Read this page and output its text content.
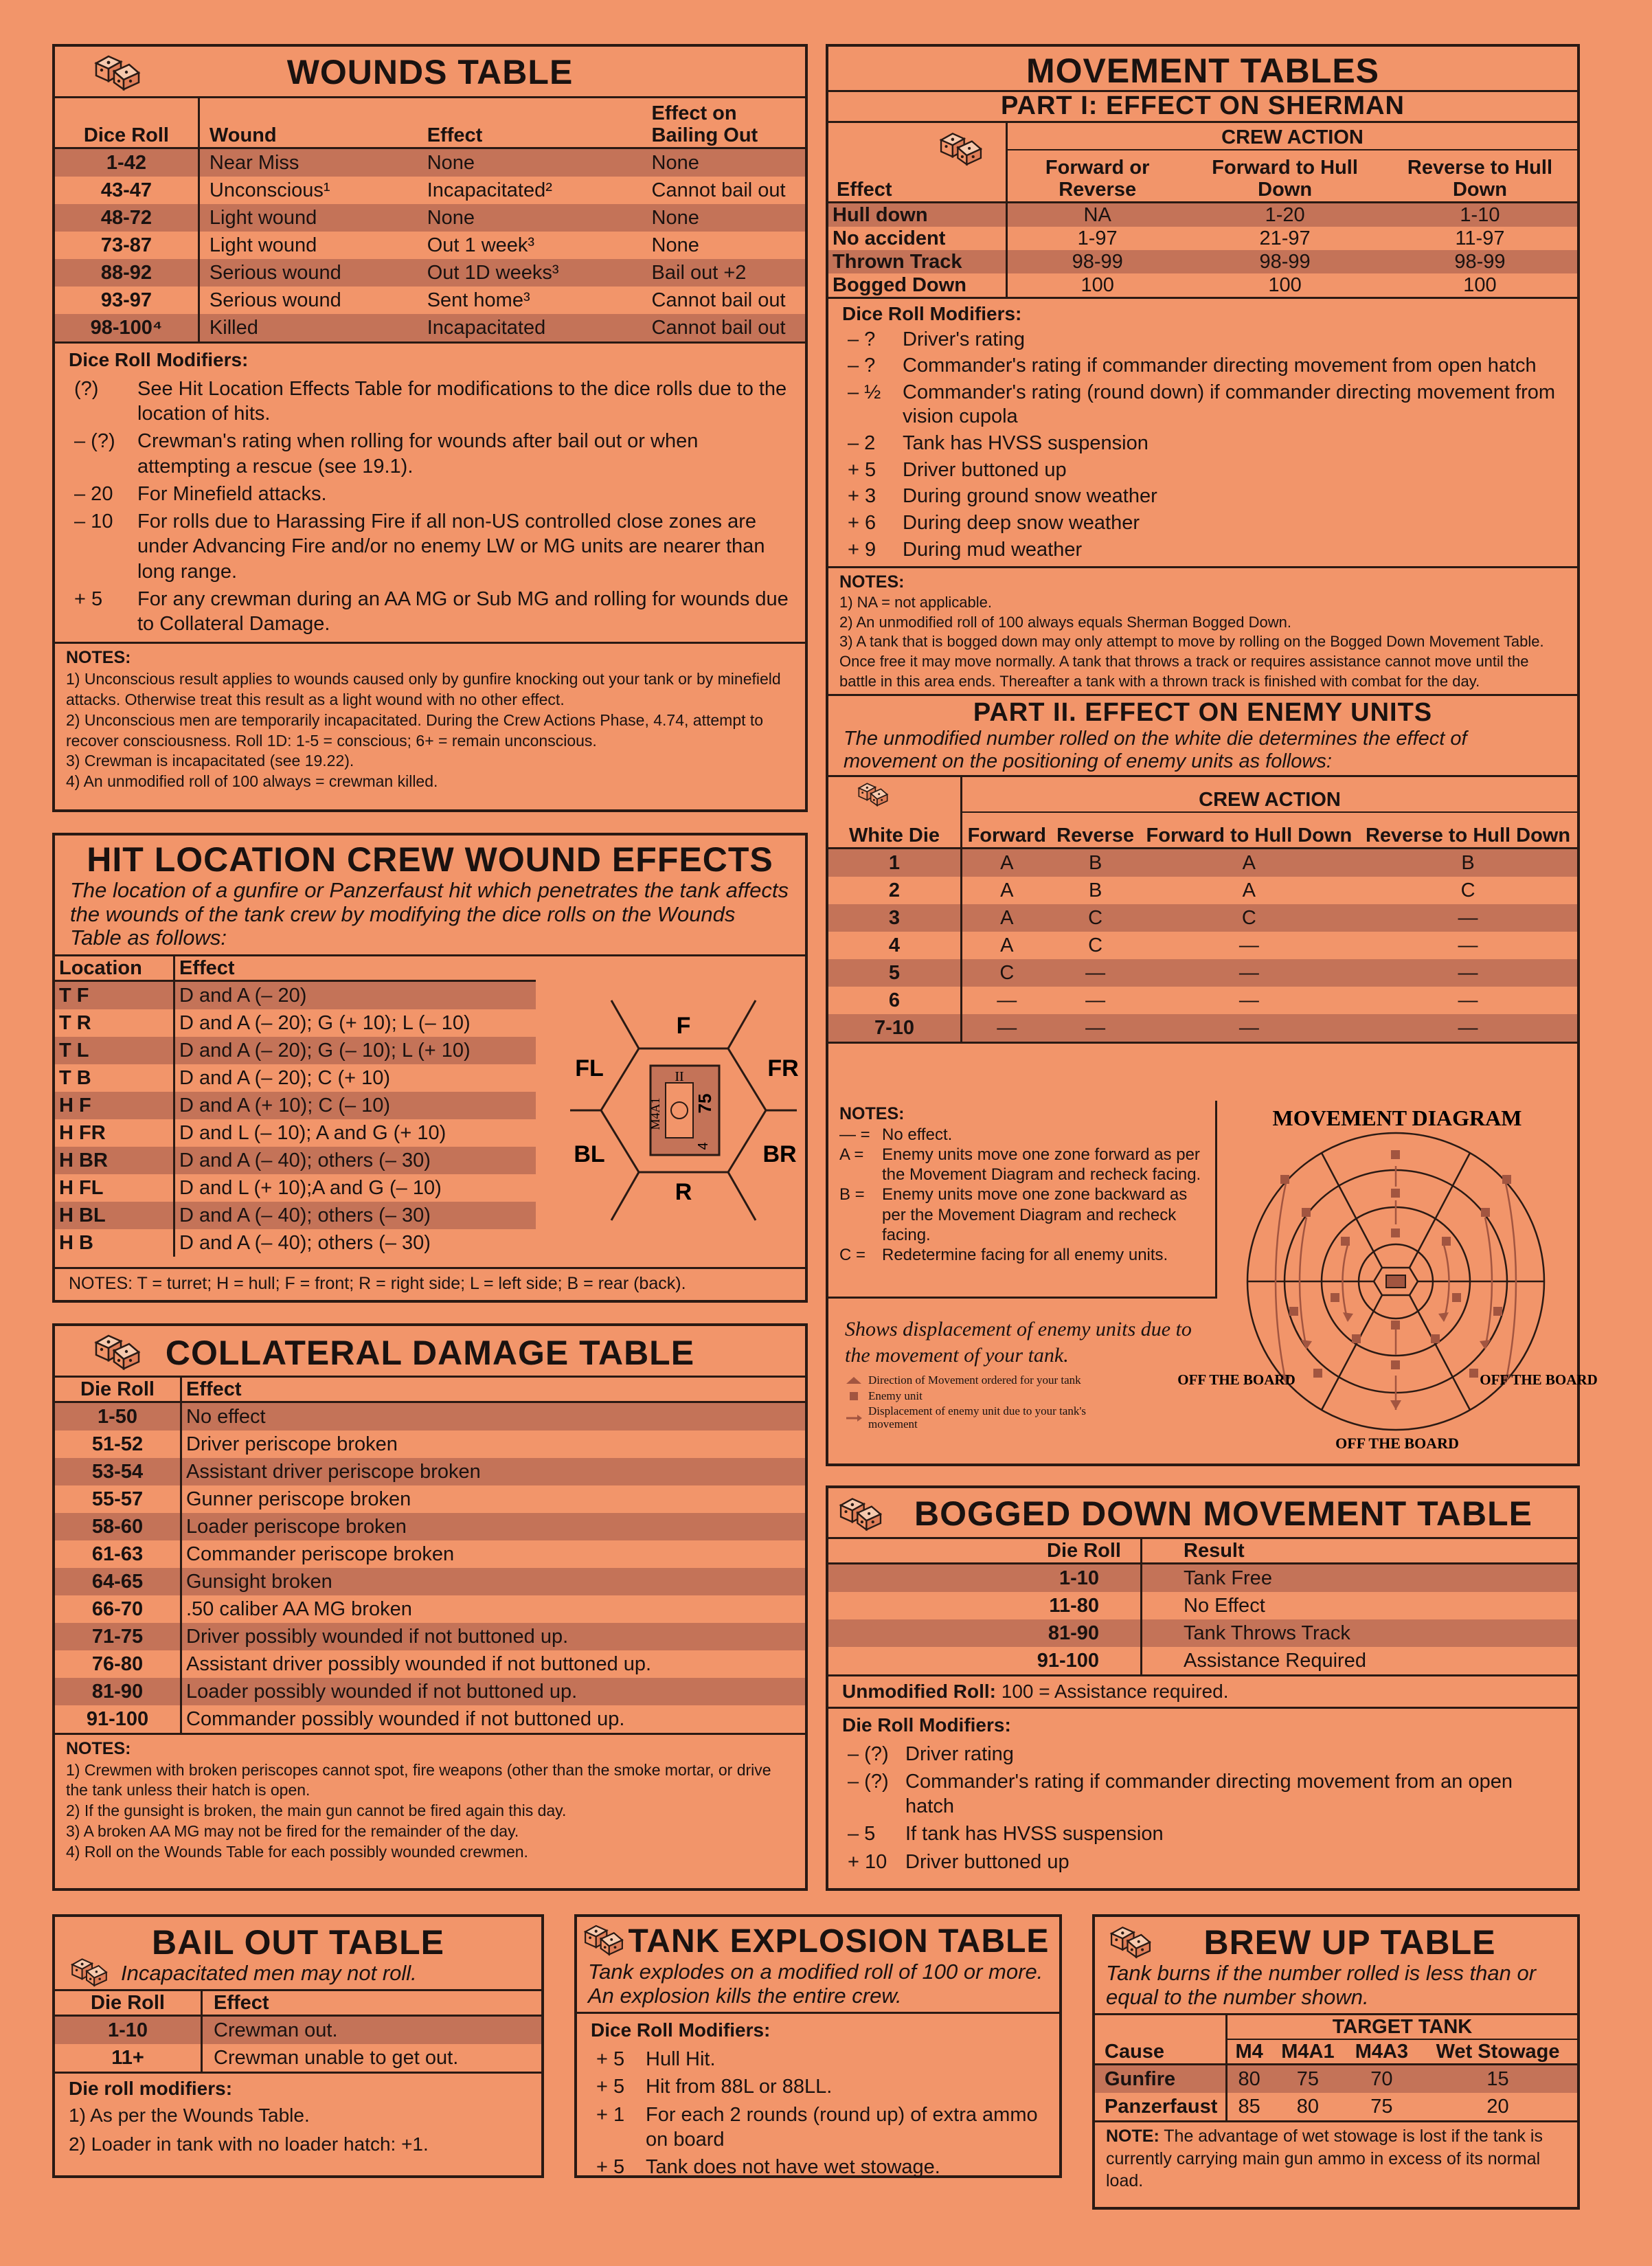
WOUNDS TABLE
Dice Roll	Wound	Effect	Effect on Bailing Out
1-42	Near Miss	None	None
43-47	Unconscious¹	Incapacitated²	Cannot bail out
48-72	Light wound	None	None
73-87	Light wound	Out 1 week³	None
88-92	Serious wound	Out 1D weeks³	Bail out +2
93-97	Serious wound	Sent home³	Cannot bail out
98-100⁴	Killed	Incapacitated	Cannot bail out
Dice Roll Modifiers:
(?)	See Hit Location Effects Table for modifications to the dice rolls due to the location of hits.
– (?)	Crewman's rating when rolling for wounds after bail out or when attempting a rescue (see 19.1).
– 20	For Minefield attacks.
– 10	For rolls due to Harassing Fire if all non-US controlled close zones are under Advancing Fire and/or no enemy LW or MG units are nearer than long range.
+ 5	For any crewman during an AA MG or Sub MG and rolling for wounds due to Collateral Damage.
NOTES:
1) Unconscious result applies to wounds caused only by gunfire knocking out your tank or by minefield attacks. Otherwise treat this result as a light wound with no other effect.
2) Unconscious men are temporarily incapacitated. During the Crew Actions Phase, 4.74, attempt to recover consciousness. Roll 1D: 1-5 = conscious; 6+ = remain unconscious.
3) Crewman is incapacitated (see 19.22).
4) An unmodified roll of 100 always = crewman killed.
HIT LOCATION CREW WOUND EFFECTS
The location of a gunfire or Panzerfaust hit which penetrates the tank affects the wounds of the tank crew by modifying the dice rolls on the Wounds Table as follows:
Location	Effect
T F	D and A (– 20)
T R	D and A (– 20); G (+ 10); L (– 10)
T L	D and A (– 20); G (– 10); L (+ 10)
T B	D and A (– 20); C (+ 10)
H F	D and A (+ 10); C (– 10)
H FR	D and L (– 10); A and G (+ 10)
H BR	D and A (– 40); others (– 30)
H FL	D and L (+ 10);A and G (– 10)
H BL	D and A (– 40); others (– 30)
H B	D and A (– 40); others (– 30)
F
FL	FR
BL	BR
R
M4A1
II
75
4
NOTES: T = turret; H = hull; F = front; R = right side; L = left side; B = rear (back).
COLLATERAL DAMAGE TABLE
Die Roll	Effect
1-50	No effect
51-52	Driver periscope broken
53-54	Assistant driver periscope broken
55-57	Gunner periscope broken
58-60	Loader periscope broken
61-63	Commander periscope broken
64-65	Gunsight broken
66-70	.50 caliber AA MG broken
71-75	Driver possibly wounded if not buttoned up.
76-80	Assistant driver possibly wounded if not buttoned up.
81-90	Loader possibly wounded if not buttoned up.
91-100	Commander possibly wounded if not buttoned up.
NOTES:
1) Crewmen with broken periscopes cannot spot, fire weapons (other than the smoke mortar, or drive the tank unless their hatch is open.
2) If the gunsight is broken, the main gun cannot be fired again this day.
3) A broken AA MG may not be fired for the remainder of the day.
4) Roll on the Wounds Table for each possibly wounded crewmen.
BAIL OUT TABLE
Incapacitated men may not roll.
Die Roll	Effect
1-10	Crewman out.
11+	Crewman unable to get out.
Die roll modifiers:
1) As per the Wounds Table.
2) Loader in tank with no loader hatch: +1.
TANK EXPLOSION TABLE
Tank explodes on a modified roll of 100 or more. An explosion kills the entire crew.
Dice Roll Modifiers:
+ 5	Hull Hit.
+ 5	Hit from 88L or 88LL.
+ 1	For each 2 rounds (round up) of extra ammo on board
+ 5	Tank does not have wet stowage.
BREW UP TABLE
Tank burns if the number rolled is less than or equal to the number shown.
Cause	TARGET TANK			
	M4	M4A1	M4A3	Wet Stowage
Gunfire	80	75	70	15
Panzerfaust	85	80	75	20
NOTE: The advantage of wet stowage is lost if the tank is currently carrying main gun ammo in excess of its normal load.
MOVEMENT TABLES
PART I: EFFECT ON SHERMAN
Effect	CREW ACTION		
	Forward or Reverse	Forward to Hull Down	Reverse to Hull Down
Hull down	NA	1-20	1-10
No accident	1-97	21-97	11-97
Thrown Track	98-99	98-99	98-99
Bogged Down	100	100	100
Dice Roll Modifiers:
– ?	Driver's rating
– ?	Commander's rating if commander directing movement from open hatch
– ½	Commander's rating (round down) if commander directing movement from vision cupola
– 2	Tank has HVSS suspension
+ 5	Driver buttoned up
+ 3	During ground snow weather
+ 6	During deep snow weather
+ 9	During mud weather
NOTES:
1) NA = not applicable.
2) An unmodified roll of 100 always equals Sherman Bogged Down.
3) A tank that is bogged down may only attempt to move by rolling on the Bogged Down Movement Table. Once free it may move normally. A tank that throws a track or requires assistance cannot move until the battle in this area ends. Thereafter a tank with a thrown track is finished with combat for the day.
PART II. EFFECT ON ENEMY UNITS
The unmodified number rolled on the white die determines the effect of movement on the positioning of enemy units as follows:
White Die	CREW ACTION			
	Forward	Reverse	Forward to Hull Down	Reverse to Hull Down
1	A	B	A	B
2	A	B	A	C
3	A	C	C	—
4	A	C	—	—
5	C	—	—	—
6	—	—	—	—
7-10	—	—	—	—
NOTES:
— = No effect.
A =	Enemy units move one zone forward as per the Movement Diagram and recheck facing.
B =	Enemy units move one zone backward as per the Movement Diagram and recheck facing.
C = Redetermine facing for all enemy units.
Shows displacement of enemy units due to the movement of your tank.
Direction of Movement ordered for your tank
Enemy unit
Displacement of enemy unit due to your tank's movement
MOVEMENT DIAGRAM
OFF THE BOARD	OFF THE BOARD
OFF THE BOARD
BOGGED DOWN MOVEMENT TABLE
Die Roll	Result
1-10	Tank Free
11-80	No Effect
81-90	Tank Throws Track
91-100	Assistance Required
Unmodified Roll: 100 = Assistance required.
Die Roll Modifiers:
– (?) Driver rating
– (?) Commander's rating if commander directing movement from an open hatch
– 5	If tank has HVSS suspension
+ 10 Driver buttoned up
